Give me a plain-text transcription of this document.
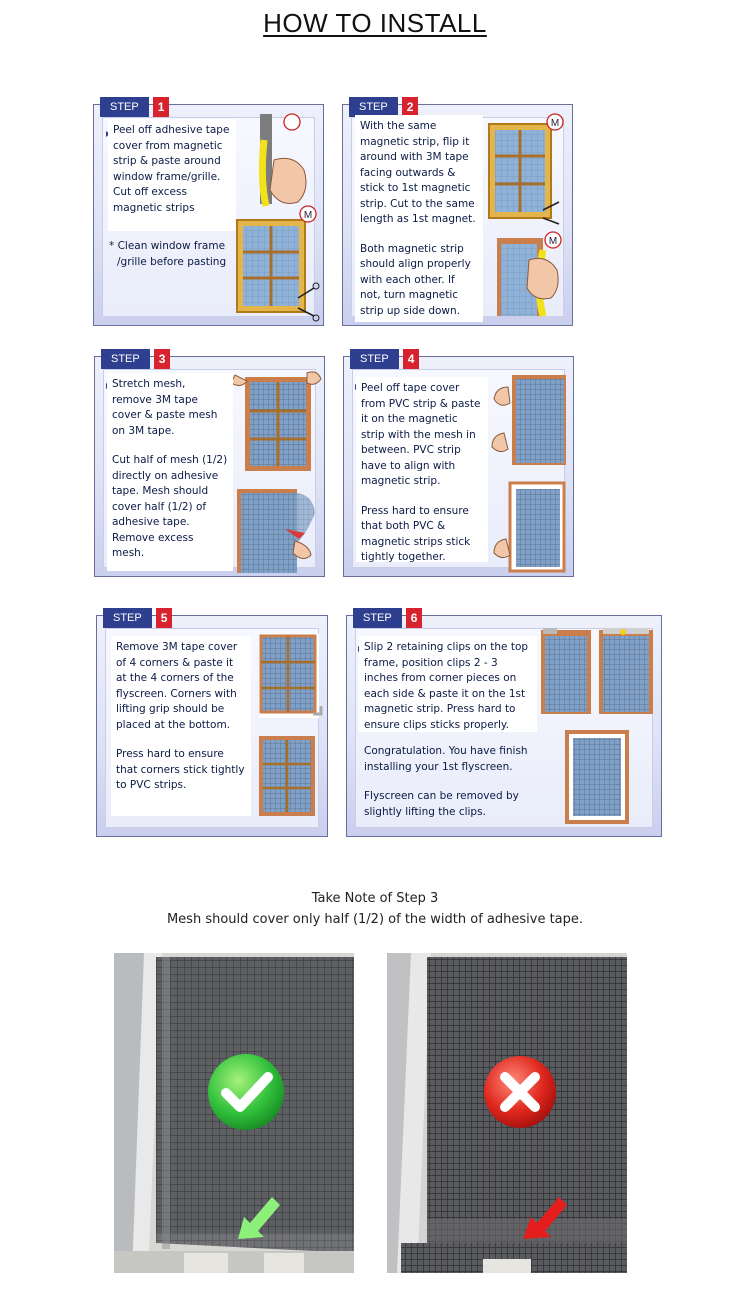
HOW TO INSTALL
STEP	1

Peel off adhesive tape cover from magnetic strip & paste around window frame/grille. Cut off excess magnetic strips

* Clean window frame /grille before pasting

M
STEP	2

With the same magnetic strip, flip it around with 3M tape facing outwards & stick to 1st magnetic strip. Cut to the same length as 1st magnet.

Both magnetic strip should align properly with each other. If not, turn magnetic strip up side down.

M
M
STEP	3

Stretch mesh, remove 3M tape cover & paste mesh on 3M tape.

Cut half of mesh (1/2) directly on adhesive tape. Mesh should cover half (1/2) of adhesive tape. Remove excess mesh.

STEP	4

Peel off tape cover from PVC strip & paste it on the magnetic strip with the mesh in between. PVC strip have to align with magnetic strip.

Press hard to ensure that both PVC & magnetic strips stick tightly together.

STEP	5

Remove 3M tape cover of 4 corners & paste it at the 4 corners of the flyscreen. Corners with lifting grip should be placed at the bottom.

Press hard to ensure that corners stick tightly to PVC strips.

STEP	6

Slip 2 retaining clips on the top frame, position clips 2 - 3 inches from corner pieces on each side & paste it on the 1st magnetic strip. Press hard to ensure clips sticks properly.

Congratulation. You have finish installing your 1st flyscreen.

Flyscreen can be removed by slightly lifting the clips.

Take Note of Step 3
Mesh should cover only half (1/2) of the width of adhesive tape.
